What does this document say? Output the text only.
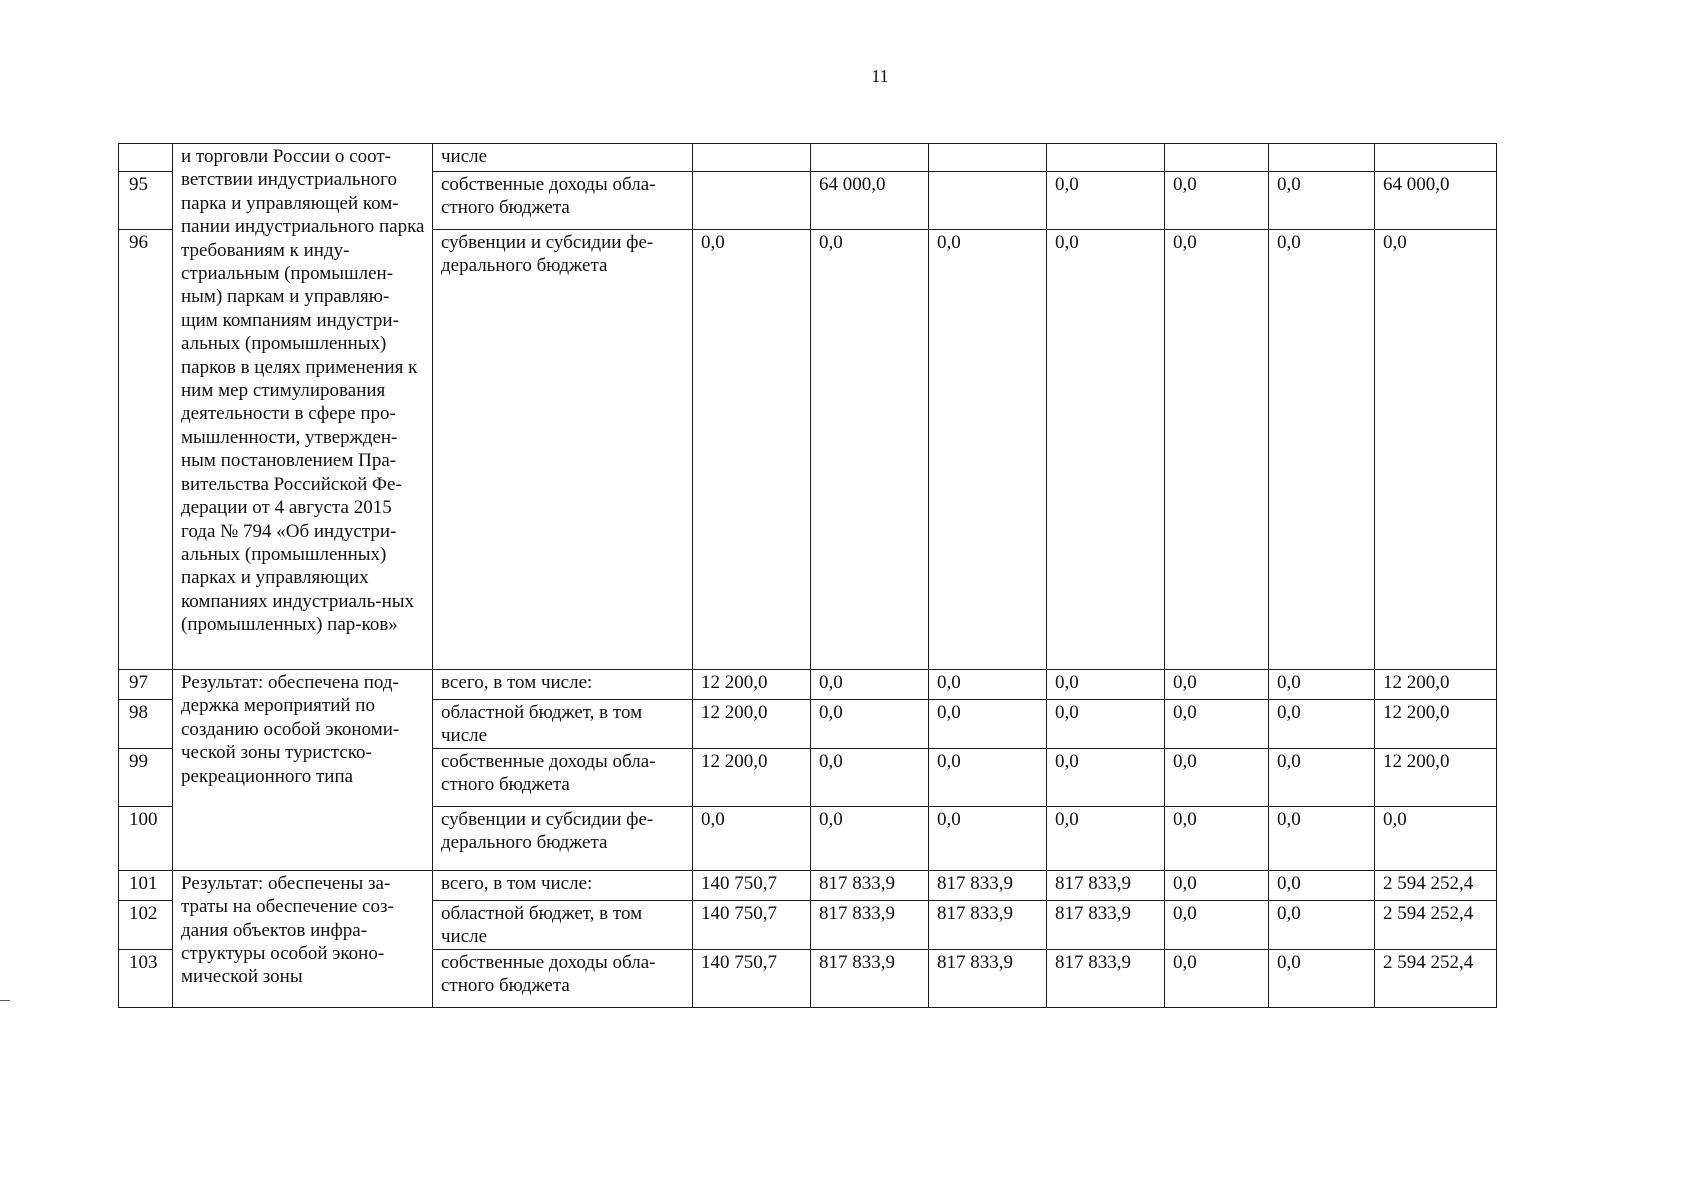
11
	и торговли России о соот-ветствии индустриального парка и управляющей ком-пании индустриального парка требованиям к инду-стриальным (промышлен-ным) паркам и управляю-щим компаниям индустри-альных (промышленных) парков в целях применения к ним мер стимулирования деятельности в сфере про-мышленности, утвержден-ным постановлением Пра-вительства Российской Фе-дерации от 4 августа 2015 года № 794 «Об индустри-альных (промышленных) парках и управляющих компаниях индустриаль-ных (промышленных) пар-ков»	числе							
95		собственные доходы обла-стного бюджета		64 000,0		0,0	0,0	0,0	64 000,0
96		субвенции и субсидии фе-дерального бюджета	0,0	0,0	0,0	0,0	0,0	0,0	0,0
97	Результат: обеспечена под-держка мероприятий по созданию особой экономи-ческой зоны туристско-рекреационного типа	всего, в том числе:	12 200,0	0,0	0,0	0,0	0,0	0,0	12 200,0
98		областной бюджет, в том числе	12 200,0	0,0	0,0	0,0	0,0	0,0	12 200,0
99		собственные доходы обла-стного бюджета	12 200,0	0,0	0,0	0,0	0,0	0,0	12 200,0
100		субвенции и субсидии фе-дерального бюджета	0,0	0,0	0,0	0,0	0,0	0,0	0,0
101	Результат: обеспечены за-траты на обеспечение соз-дания объектов инфра-структуры особой эконо-мической зоны	всего, в том числе:	140 750,7	817 833,9	817 833,9	817 833,9	0,0	0,0	2 594 252,4
102		областной бюджет, в том числе	140 750,7	817 833,9	817 833,9	817 833,9	0,0	0,0	2 594 252,4
103		собственные доходы обла-стного бюджета	140 750,7	817 833,9	817 833,9	817 833,9	0,0	0,0	2 594 252,4
